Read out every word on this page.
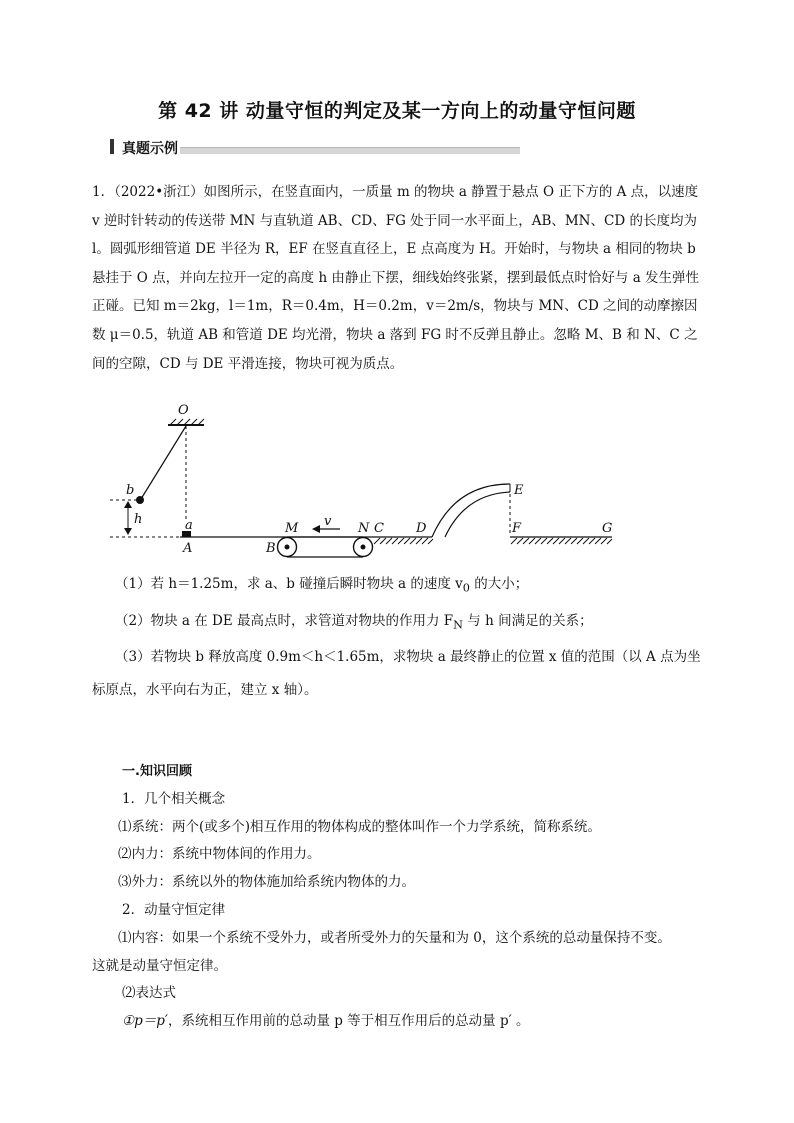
第 42 讲 动量守恒的判定及某一方向上的动量守恒问题
真题示例

1．（2022•浙江）如图所示，在竖直面内，一质量 m 的物块 a 静置于悬点 O 正下方的 A 点，以速度 v 逆时针转动的传送带 MN 与直轨道 AB、CD、FG 处于同一水平面上，AB、MN、CD 的长度均为 l。圆弧形细管道 DE 半径为 R，EF 在竖直直径上，E 点高度为 H。开始时，与物块 a 相同的物块 b 悬挂于 O 点，并向左拉开一定的高度 h 由静止下摆，细线始终张紧，摆到最低点时恰好与 a 发生弹性正碰。已知 m＝2kg，l＝1m，R＝0.4m，H＝0.2m，v＝2m/s，物块与 MN、CD 之间的动摩擦因数 μ＝0.5，轨道 AB 和管道 DE 均光滑，物块 a 落到 FG 时不反弹且静止。忽略 M、B 和 N、C 之间的空隙，CD 与 DE 平滑连接，物块可视为质点。

O
b
h	a
A
M
B
v N C D
E
F	G

（1）若 h＝1.25m，求 a、b 碰撞后瞬时物块 a 的速度 $v_0$ 的大小；

（2）物块 a 在 DE 最高点时，求管道对物块的作用力 $F_N$ 与 h 间满足的关系；

（3）若物块 b 释放高度 0.9m＜h＜1.65m，求物块 a 最终静止的位置 x 值的范围（以 A 点为坐标原点，水平向右为正，建立 x 轴）。

一.知识回顾

1．几个相关概念

⑴系统：两个(或多个)相互作用的物体构成的整体叫作一个力学系统，简称系统。

⑵内力：系统中物体间的作用力。

⑶外力：系统以外的物体施加给系统内物体的力。

2．动量守恒定律

⑴内容：如果一个系统不受外力，或者所受外力的矢量和为 0，这个系统的总动量保持不变。

这就是动量守恒定律。

⑵表达式

①p＝p′，系统相互作用前的总动量 p 等于相互作用后的总动量 p′ 。
